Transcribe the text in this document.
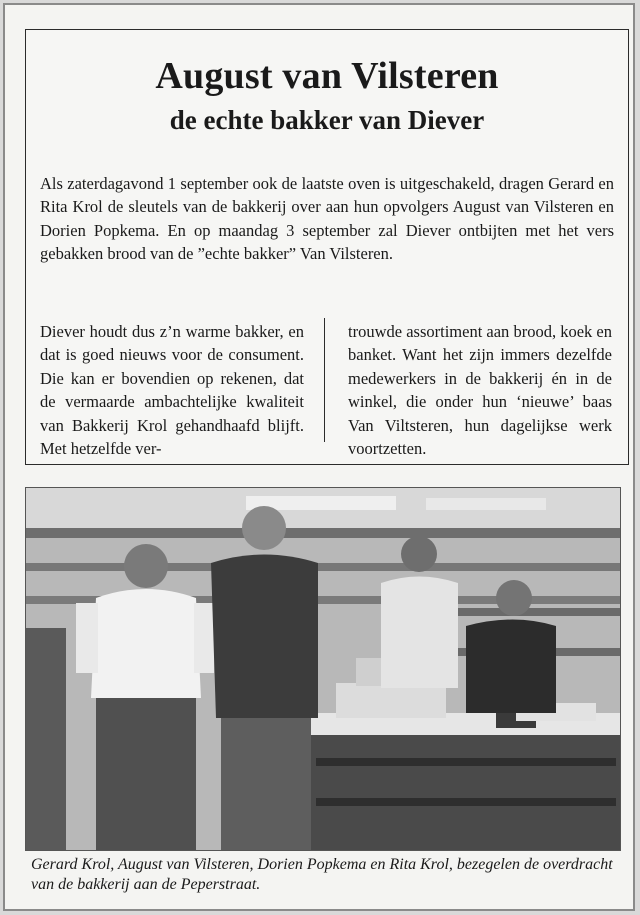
August van Vilsteren
de echte bakker van Diever
Als zaterdagavond 1 september ook de laatste oven is uitgeschakeld, dragen Gerard en Rita Krol de sleutels van de bakkerij over aan hun opvolgers August van Vilsteren en Dorien Popkema. En op maandag 3 september zal Diever ontbijten met het vers gebakken brood van de ”echte bakker” Van Vilsteren.
Diever houdt dus z’n warme bakker, en dat is goed nieuws voor de consument. Die kan er bovendien op rekenen, dat de vermaarde ambachtelijke kwaliteit van Bakkerij Krol gehandhaafd blijft. Met hetzelfde ver-
trouwde assortiment aan brood, koek en banket. Want het zijn immers dezelfde medewerkers in de bakkerij én in de winkel, die onder hun ‘nieuwe’ baas Van Viltsteren, hun dagelijkse werk voortzetten.
Gerard Krol, August van Vilsteren, Dorien Popkema en Rita Krol, bezegelen de overdracht van de bakkerij aan de Peperstraat.
